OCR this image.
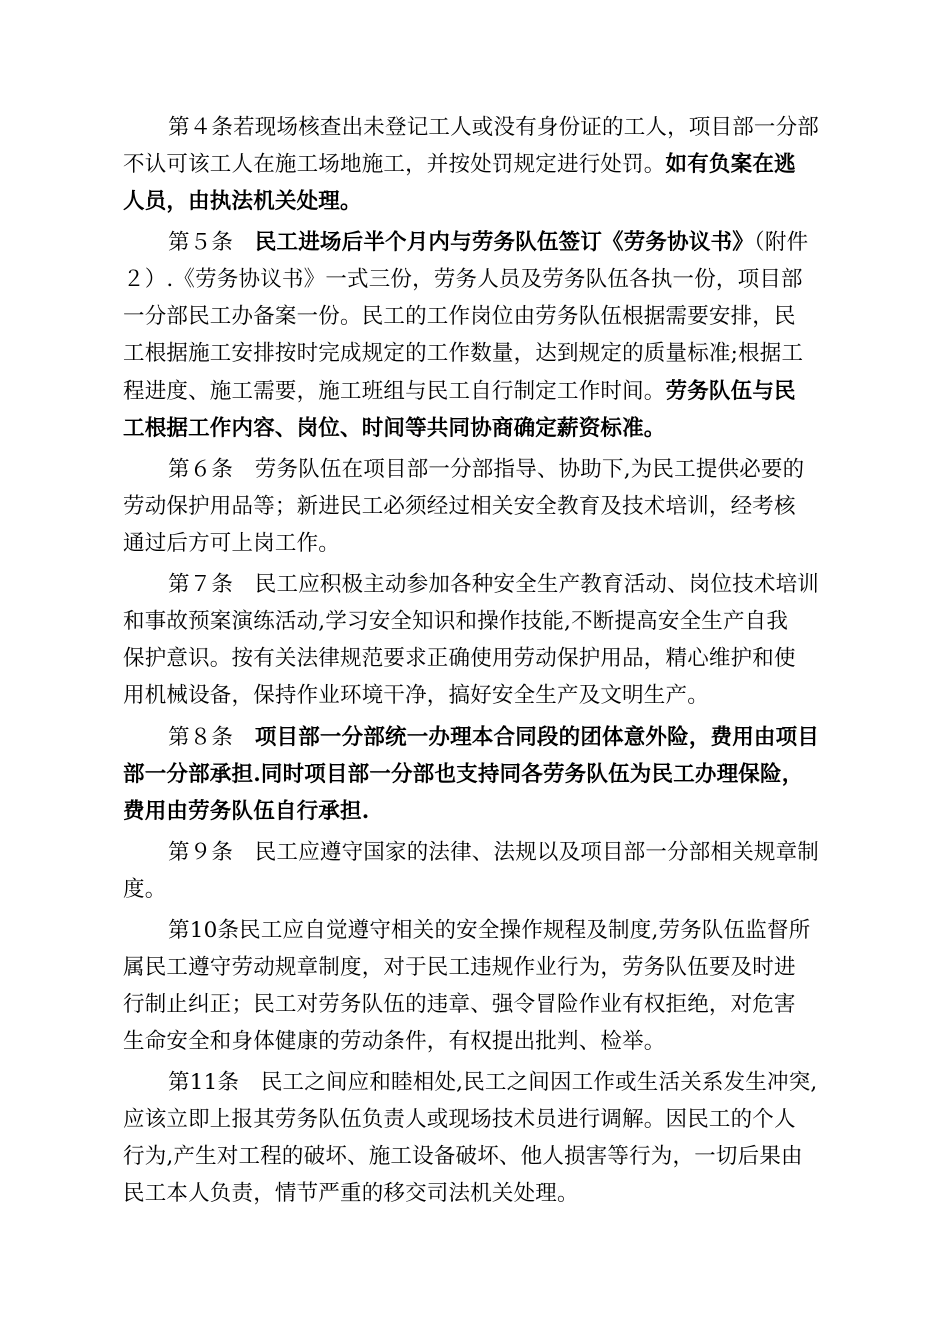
第４条若现场核查出未登记工人或没有身份证的工人，项目部一分部
不认可该工人在施工场地施工，并按处罚规定进行处罚。如有负案在逃
人员，由执法机关处理。
第５条　民工进场后半个月内与劳务队伍签订《劳务协议书》（附件
２）.《劳务协议书》一式三份，劳务人员及劳务队伍各执一份，项目部
一分部民工办备案一份。民工的工作岗位由劳务队伍根据需要安排，民
工根据施工安排按时完成规定的工作数量，达到规定的质量标准;根据工
程进度、施工需要，施工班组与民工自行制定工作时间。劳务队伍与民
工根据工作内容、岗位、时间等共同协商确定薪资标准。
第６条　劳务队伍在项目部一分部指导、协助下,为民工提供必要的
劳动保护用品等；新进民工必须经过相关安全教育及技术培训，经考核
通过后方可上岗工作。
第７条　民工应积极主动参加各种安全生产教育活动、岗位技术培训
和事故预案演练活动,学习安全知识和操作技能,不断提高安全生产自我
保护意识。按有关法律规范要求正确使用劳动保护用品，精心维护和使
用机械设备，保持作业环境干净，搞好安全生产及文明生产。
第８条　项目部一分部统一办理本合同段的团体意外险，费用由项目
部一分部承担.同时项目部一分部也支持同各劳务队伍为民工办理保险，
费用由劳务队伍自行承担.
第９条　民工应遵守国家的法律、法规以及项目部一分部相关规章制
度。
第10条民工应自觉遵守相关的安全操作规程及制度,劳务队伍监督所
属民工遵守劳动规章制度，对于民工违规作业行为，劳务队伍要及时进
行制止纠正；民工对劳务队伍的违章、强令冒险作业有权拒绝，对危害
生命安全和身体健康的劳动条件，有权提出批判、检举。
第11条　民工之间应和睦相处,民工之间因工作或生活关系发生冲突,
应该立即上报其劳务队伍负责人或现场技术员进行调解。因民工的个人
行为,产生对工程的破坏、施工设备破坏、他人损害等行为，一切后果由
民工本人负责，情节严重的移交司法机关处理。
